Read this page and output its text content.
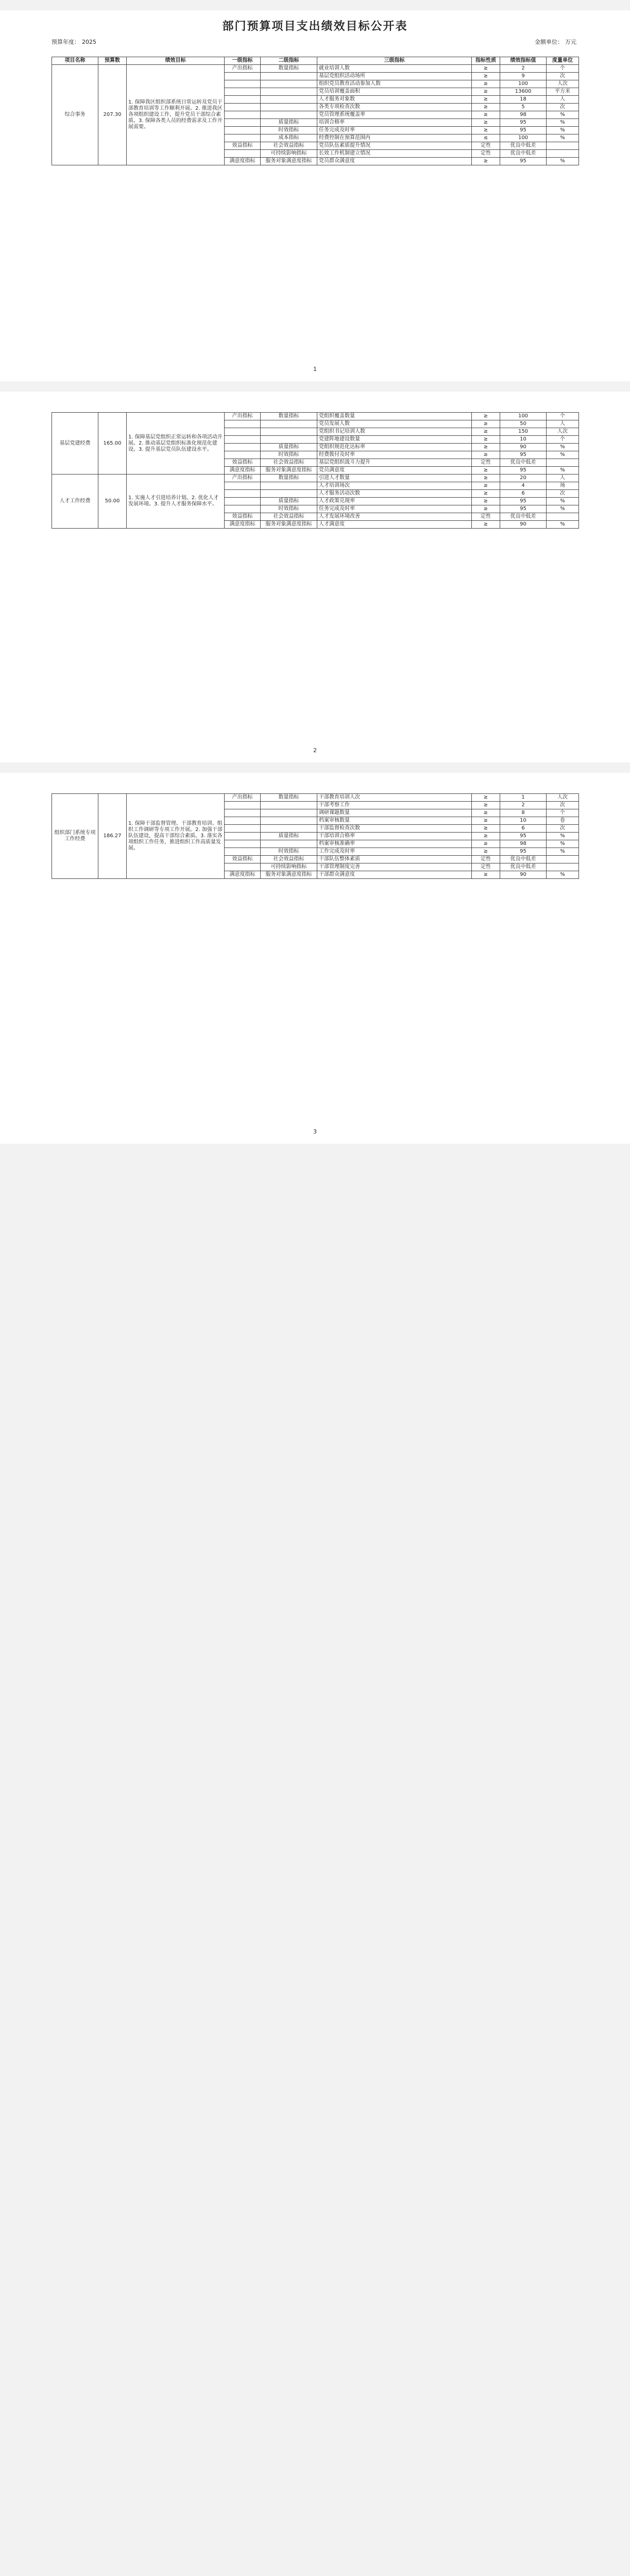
部门预算项目支出绩效目标公开表
预算年度： 2025	金额单位： 万元
项目名称	预算数	绩效目标	一级指标	二级指标	三级指标	指标性质	绩效指标值	度量单位
综合事务	207.30	1. 保障我区组织部系统日常运转及党员干部教育培训等工作顺利开展。2. 推进我区各项组织建设工作，提升党员干部综合素质。3. 保障各类人员的经费需求及工作开展需要。	产出指标	数量指标	就业培训人数	≥	2	个
					基层党组织活动场所	≥	9	次
					组织党员教育活动参加人数	≥	100	人次
					党员培训覆盖面积	≥	13600	平方米
					人才服务对象数	≥	18	人
					各类专项检查次数	≥	5	次
					党员管理系统覆盖率	≥	98	%
				质量指标	培训合格率	≥	95	%
				时效指标	任务完成及时率	≥	95	%
				成本指标	经费控制在预算范围内	≤	100	%
			效益指标	社会效益指标	党员队伍素质提升情况	定性	优良中低差	
				可持续影响指标	长效工作机制建立情况	定性	优良中低差	
			满意度指标	服务对象满意度指标	党员群众满意度	≥	95	%
1
基层党建经费	165.00	1. 保障基层党组织正常运转和各项活动开展。2. 推动基层党组织标准化规范化建设。3. 提升基层党员队伍建设水平。	产出指标	数量指标	党组织覆盖数量	≥	100	个
					党员发展人数	≥	50	人
					党组织书记培训人数	≥	150	人次
					党建阵地建设数量	≥	10	个
				质量指标	党组织规范化达标率	≥	90	%
				时效指标	经费拨付及时率	≥	95	%
			效益指标	社会效益指标	基层党组织战斗力提升	定性	优良中低差	
			满意度指标	服务对象满意度指标	党员满意度	≥	95	%
人才工作经费	50.00	1. 实施人才引进培养计划。2. 优化人才发展环境。3. 提升人才服务保障水平。	产出指标	数量指标	引进人才数量	≥	20	人
					人才培训场次	≥	4	场
					人才服务活动次数	≥	6	次
				质量指标	人才政策兑现率	≥	95	%
				时效指标	任务完成及时率	≥	95	%
			效益指标	社会效益指标	人才发展环境改善	定性	优良中低差	
			满意度指标	服务对象满意度指标	人才满意度	≥	90	%
2
组织部门系统专项工作经费	186.27	1. 保障干部监督管理、干部教育培训、组织工作调研等专项工作开展。2. 加强干部队伍建设，提高干部综合素质。3. 落实各项组织工作任务，推进组织工作高质量发展。	产出指标	数量指标	干部教育培训人次	≥	1	人次
					干部考察工作	≥	2	次
					调研课题数量	≥	8	个
					档案审核数量	≥	10	卷
					干部监督检查次数	≥	6	次
				质量指标	干部培训合格率	≥	95	%
					档案审核准确率	≥	98	%
				时效指标	工作完成及时率	≥	95	%
			效益指标	社会效益指标	干部队伍整体素质	定性	优良中低差	
				可持续影响指标	干部管理制度完善	定性	优良中低差	
			满意度指标	服务对象满意度指标	干部群众满意度	≥	90	%
3
